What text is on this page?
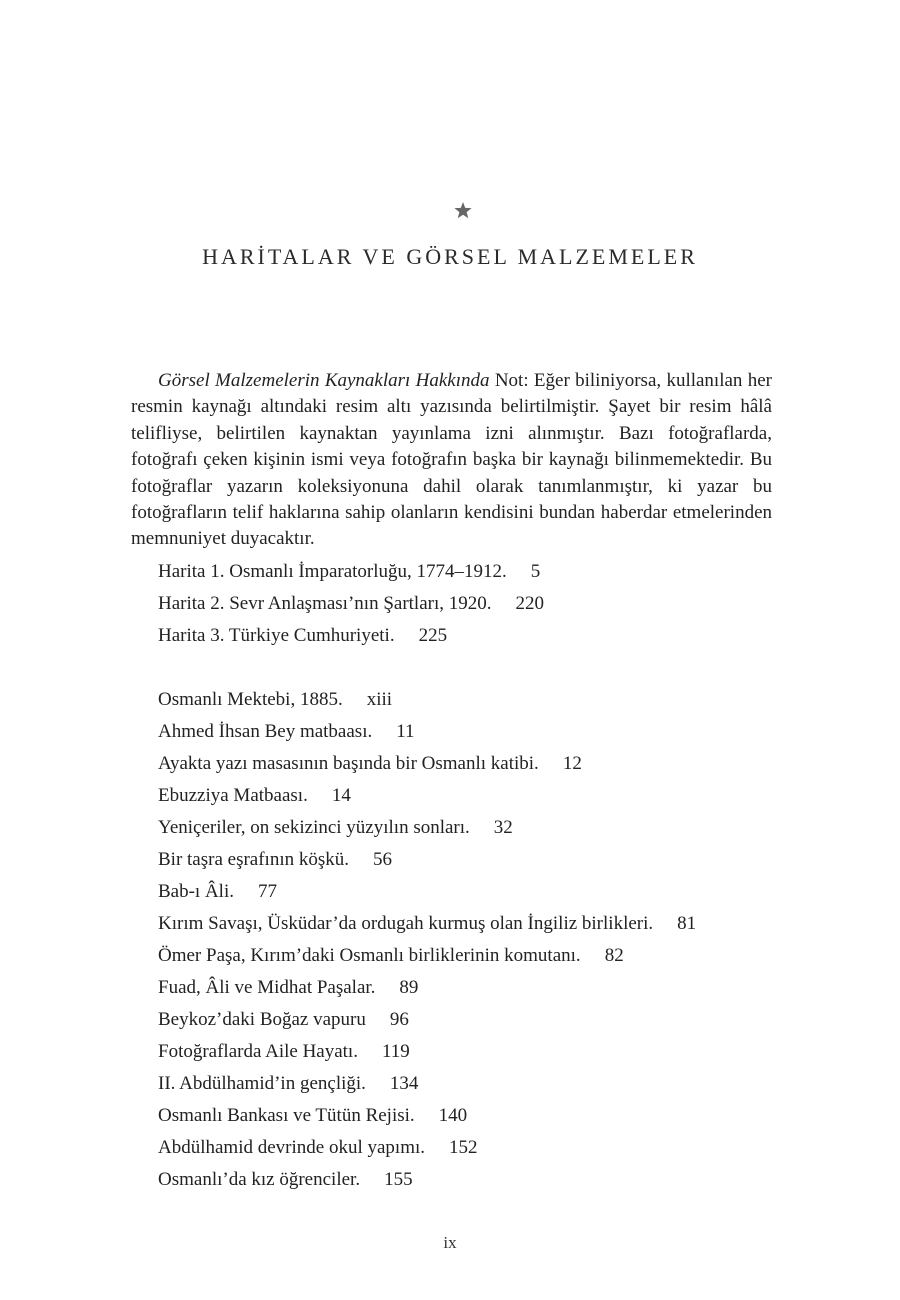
HARİTALAR VE GÖRSEL MALZEMELER

Görsel Malzemelerin Kaynakları Hakkında Not: Eğer biliniyorsa, kullanılan her resmin kaynağı altındaki resim altı yazısında belirtilmiştir. Şayet bir resim hâlâ telifliyse, belirtilen kaynaktan yayınlama izni alınmıştır. Bazı fotoğraflarda, fotoğrafı çeken kişinin ismi veya fotoğrafın başka bir kaynağı bilinmemektedir. Bu fotoğraflar yazarın koleksiyonuna dahil olarak tanımlanmıştır, ki yazar bu fotoğrafların telif haklarına sahip olanların kendisini bundan haberdar etmelerinden memnuniyet duyacaktır.

Harita 1. Osmanlı İmparatorluğu, 1774–1912. 5
Harita 2. Sevr Anlaşması’nın Şartları, 1920. 220
Harita 3. Türkiye Cumhuriyeti. 225
Osmanlı Mektebi, 1885. xiii
Ahmed İhsan Bey matbaası. 11
Ayakta yazı masasının başında bir Osmanlı katibi. 12
Ebuzziya Matbaası. 14
Yeniçeriler, on sekizinci yüzyılın sonları. 32
Bir taşra eşrafının köşkü. 56
Bab-ı Âli. 77
Kırım Savaşı, Üsküdar’da ordugah kurmuş olan İngiliz birlikleri. 81
Ömer Paşa, Kırım’daki Osmanlı birliklerinin komutanı. 82
Fuad, Âli ve Midhat Paşalar. 89
Beykoz’daki Boğaz vapuru 96
Fotoğraflarda Aile Hayatı. 119
II. Abdülhamid’in gençliği. 134
Osmanlı Bankası ve Tütün Rejisi. 140
Abdülhamid devrinde okul yapımı. 152
Osmanlı’da kız öğrenciler. 155
ix
